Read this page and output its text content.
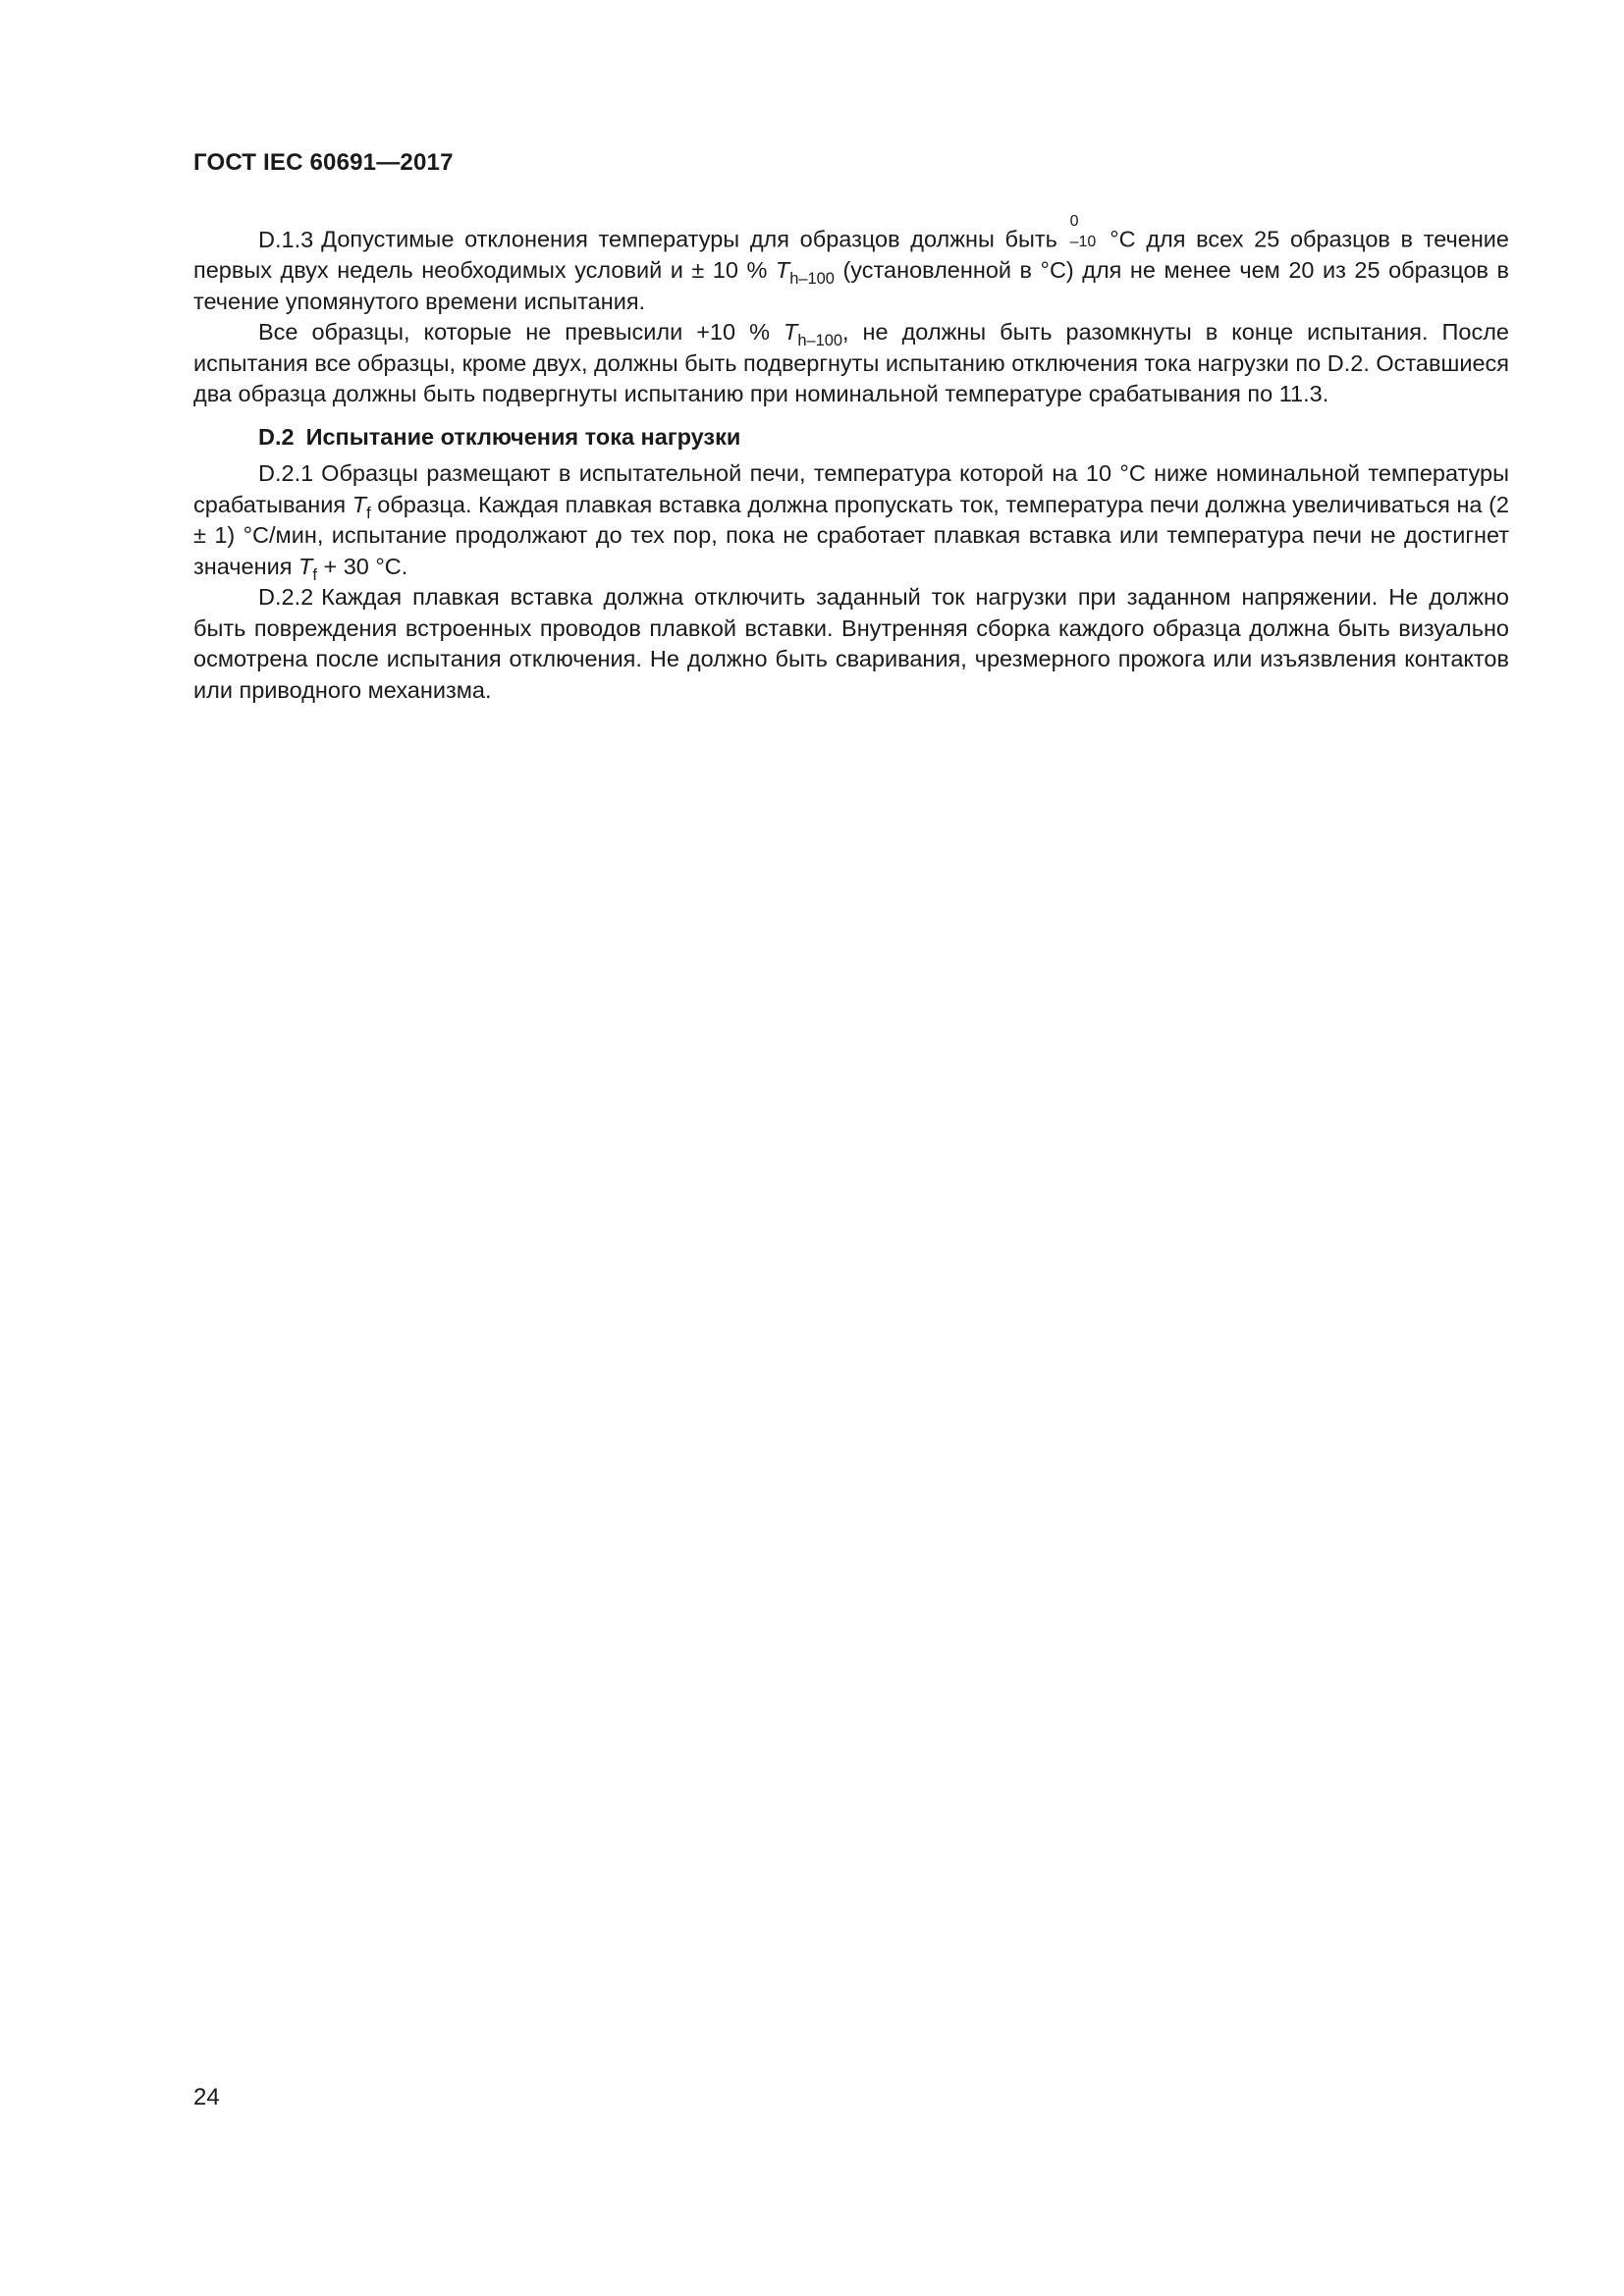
ГОСТ IEC 60691—2017

D.1.3 Допустимые отклонения температуры для образцов должны быть
0
–10 °С для всех 25 образцов в течение первых двух недель необходимых условий и ± 10 % $T_{h-100}$ (установленной в °С) для не менее чем 20 из 25 образцов в течение упомянутого времени испытания.

Все образцы, которые не превысили +10 % $T_{h-100}$, не должны быть разомкнуты в конце испытания. После испытания все образцы, кроме двух, должны быть подвергнуты испытанию отключения тока нагрузки по D.2. Оставшиеся два образца должны быть подвергнуты испытанию при номинальной температуре срабатывания по 11.3.

D.2 Испытание отключения тока нагрузки

D.2.1 Образцы размещают в испытательной печи, температура которой на 10 °С ниже номинальной температуры срабатывания $T_f$ образца. Каждая плавкая вставка должна пропускать ток, температура печи должна увеличиваться на (2 ± 1) °С/мин, испытание продолжают до тех пор, пока не сработает плавкая вставка или температура печи не достигнет значения $T_f + 30$ °С.

D.2.2 Каждая плавкая вставка должна отключить заданный ток нагрузки при заданном напряжении. Не должно быть повреждения встроенных проводов плавкой вставки. Внутренняя сборка каждого образца должна быть визуально осмотрена после испытания отключения. Не должно быть сваривания, чрезмерного прожога или изъязвления контактов или приводного механизма.

24
